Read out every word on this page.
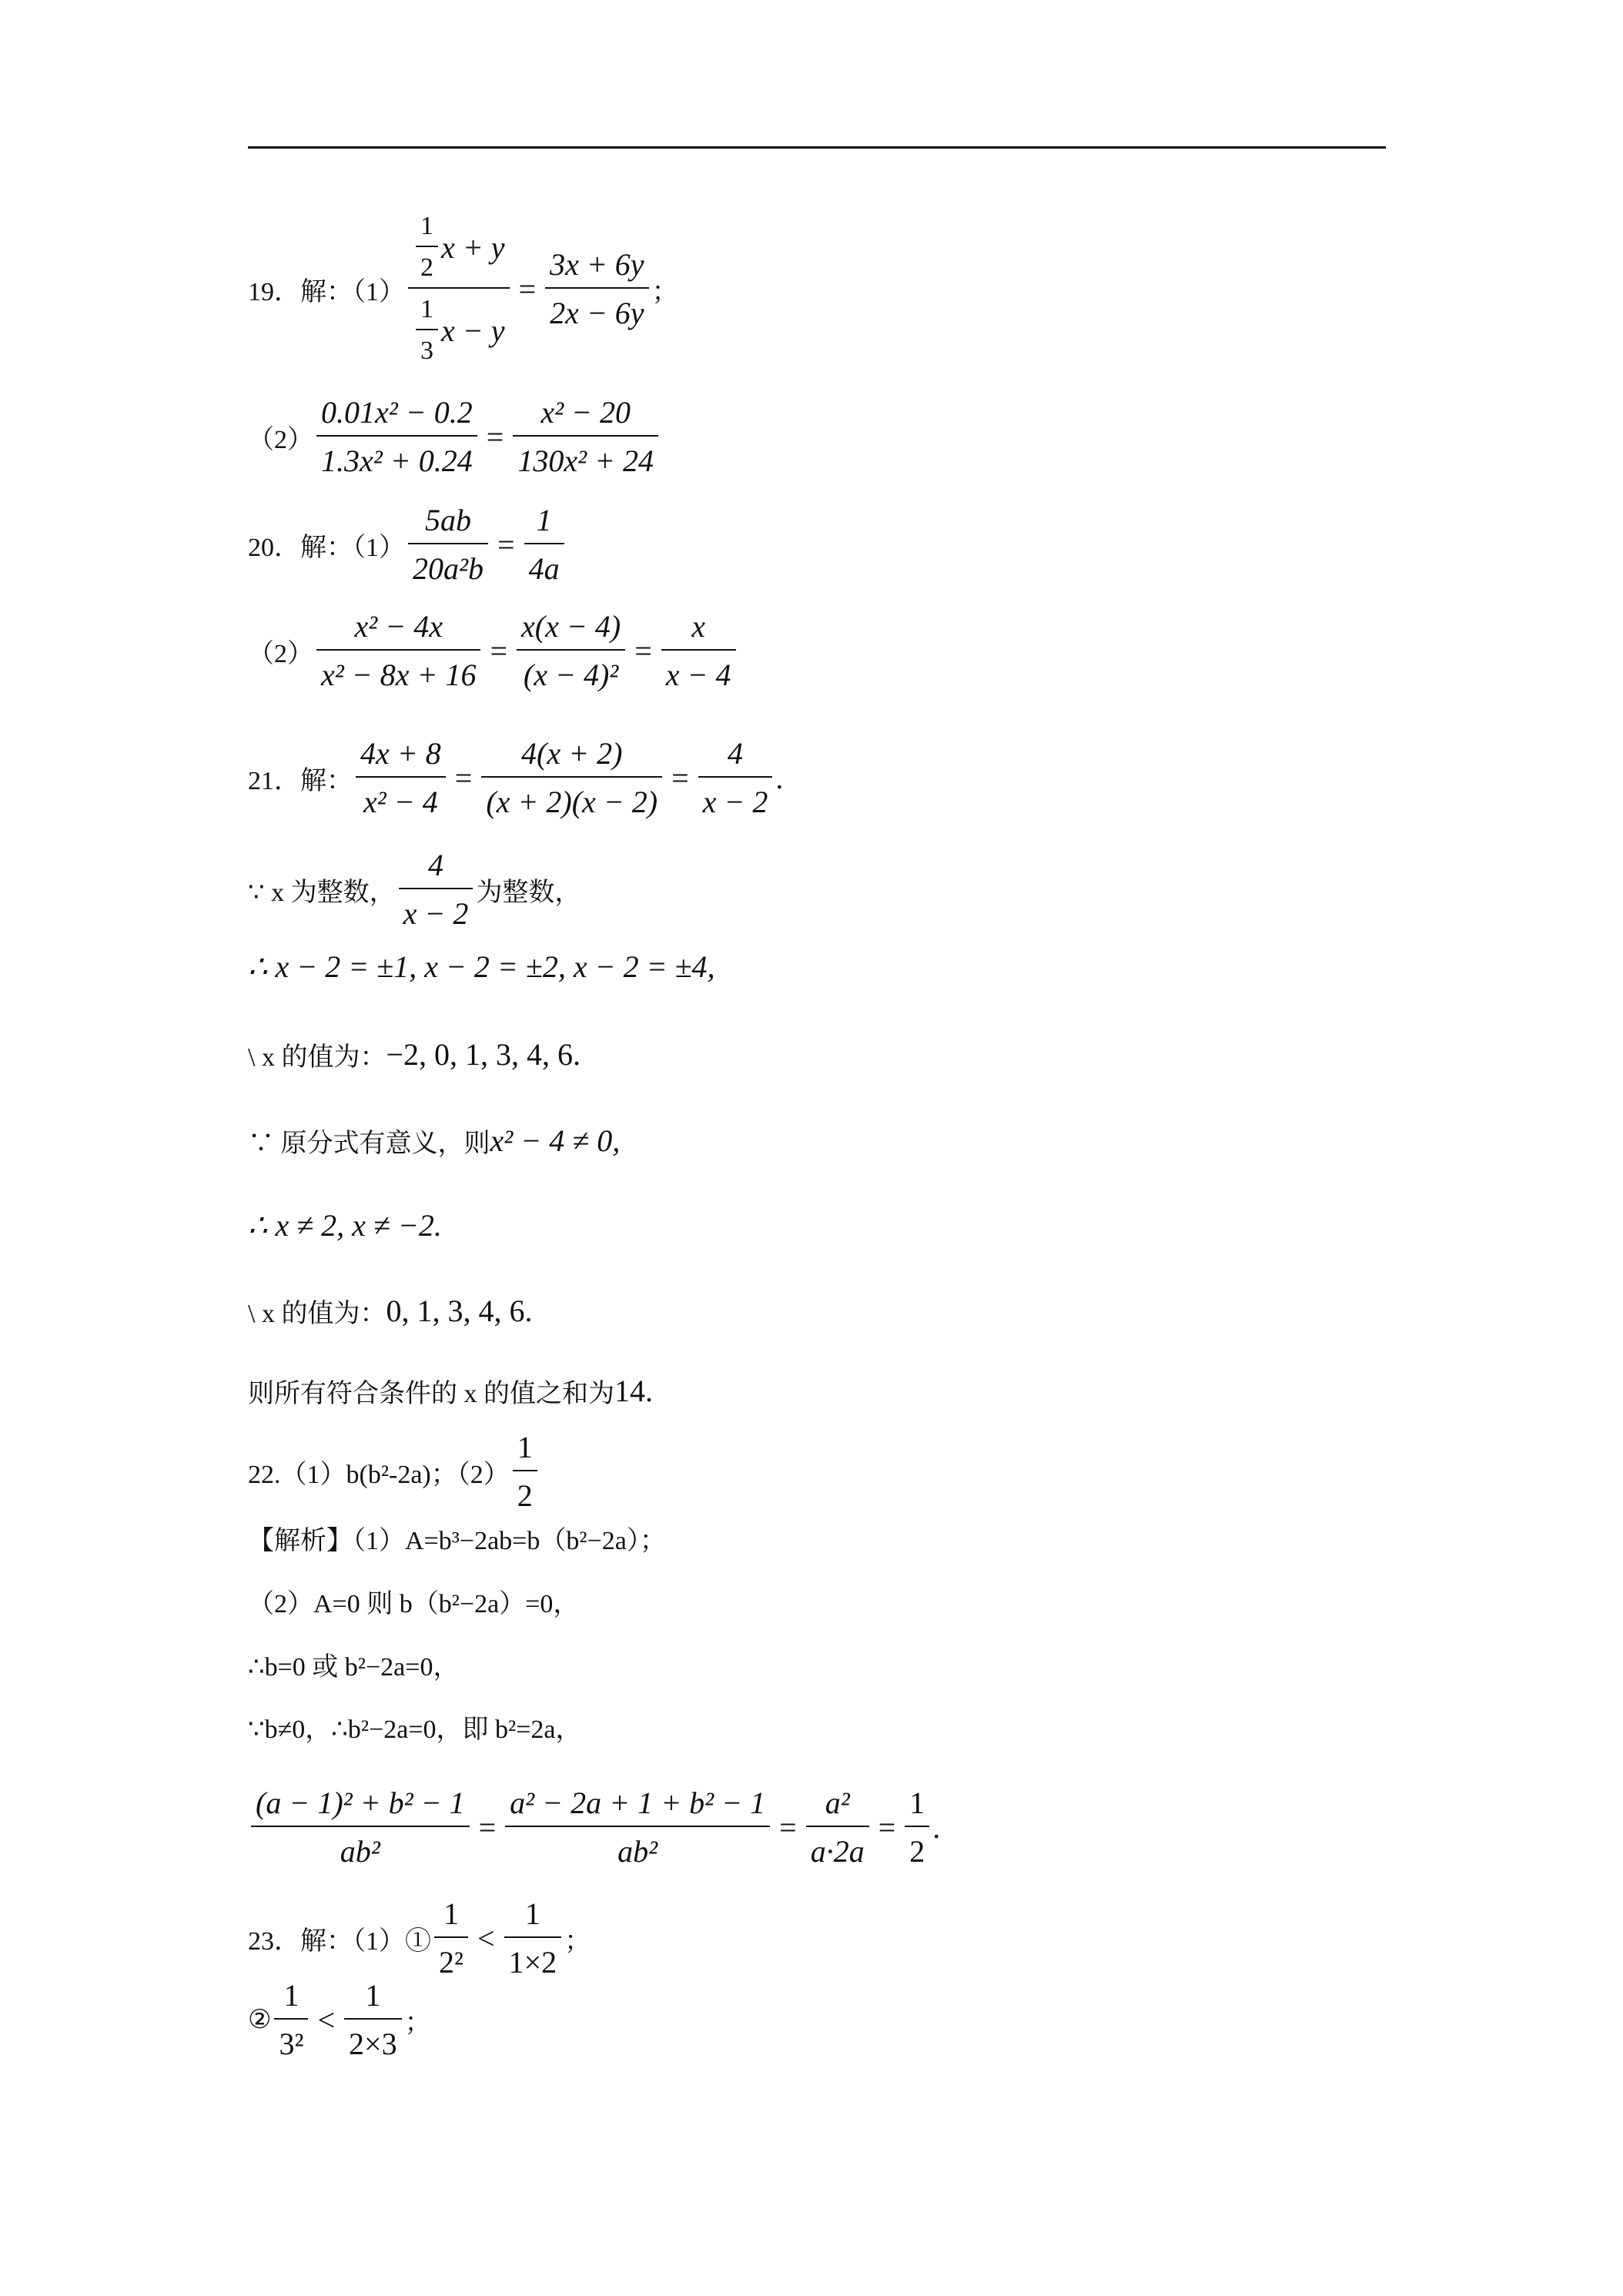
19．解：$(1) \frac{\frac{1}{2} x + y}{\frac{1}{3} x - y} = \frac{3x + 6y}{2x - 6y}$ ；
$(2) \frac{\text{0.01x² − 0.2}}{\text{1.3x² + 0.24}} = \frac{\text{x² − 20}}{\text{130x² + 24}}$
20．解：$(1) \frac{5ab}{\text{20a²b}} = \frac{1}{4a}$
$(2) \frac{\text{x² − 4x}}{\text{x² − 8x + 16}} = \frac{x(x - 4)}{\text{(x − 4)²}} = \frac{x}{x - 4}$
21．解： $\frac{4x + 8}{\text{x² − 4}} = \frac{4(x + 2)}{(x + 2)(x - 2)} = \frac{4}{x - 2}$ .
∵ x 为整数， $\frac{4}{x - 2}$ 为整数，
∴ x − 2 = ±1, x − 2 = ±2, x − 2 = ±4,
\ x 的值为： −2, 0, 1, 3, 4, 6.
∵ 原分式有意义，则 x² − 4 ≠ 0,
∴ x ≠ 2, x ≠ −2.
\ x 的值为： 0, 1, 3, 4, 6.
则所有符合条件的 x 的值之和为 14.
22.（1）b(b²-2a)；$(2) \frac{1}{2}$
【解析】（1）A=b³−2ab=b（b²−2a）；
（2）A=0 则 b（b²−2a）=0，
∴b=0 或 b²−2a=0，
∵b≠0，∴b²−2a=0，即 b²=2a，
$\frac{\text{(a − 1)² + b² − 1}}{\text{ab²}} = \frac{\text{a² − 2a + 1 + b² − 1}}{\text{ab²}} = \frac{\text{a²}}{a\cdot 2a} = \frac{1}{2}$ .
23．解：（1）① $\frac{1}{\text{2²}} < \frac{1}{1\times 2}$ ；
② $\frac{1}{\text{3²}} < \frac{1}{2\times 3}$ ；
